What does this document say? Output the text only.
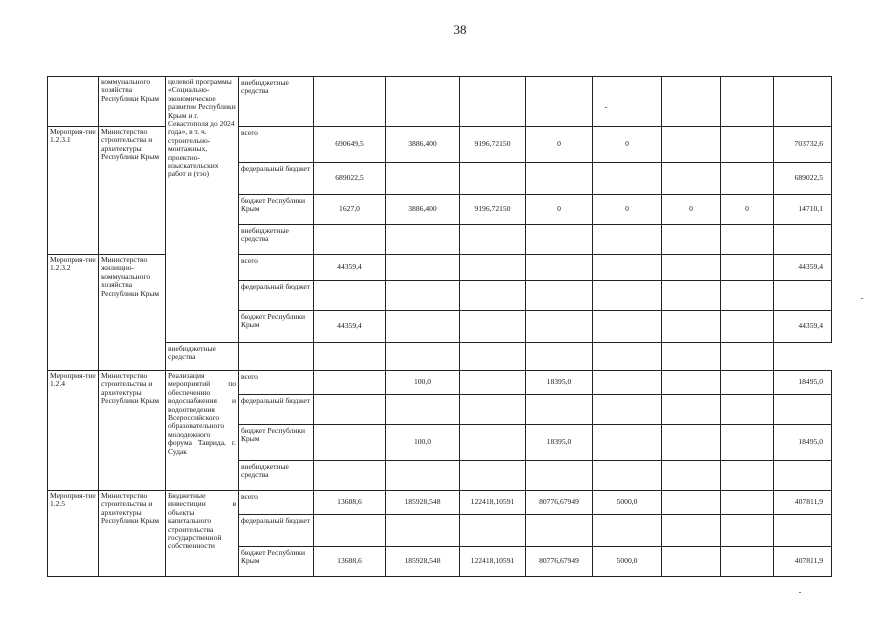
38
	коммунального хозяйства Республики Крым	целевой программы «Социально-экономическое развитие Республики Крым и г. Севастополя до 2024 года», в т. ч. строительно-монтажных, проектно-изыскательских работ и (тэо)	внебюджетные средства								
Мероприя-тие 1.2.3.1	Министерство строительства и архитектуры Республики Крым		всего	690649,5	3886,400	9196,72150	0	0			703732,6
			федеральный бюджет	689022,5							689022,5
			бюджет Республики Крым	1627,0	3886,400	9196,72150	0	0	0	0	14710,1
			внебюджетные средства								
Мероприя-тие 1.2.3.2	Министерство жилищно-коммунального хозяйства Республики Крым		всего	44359,4							44359,4
			федеральный бюджет								
			бюджет Республики Крым	44359,4							44359,4
		внебюджетные средства									
Мероприя-тие 1.2.4	Министерство строительства и архитектуры Республики Крым	Реализация мероприятий по обеспечению водоснабжения и водоотведения Всероссийского образовательного молодежного форума Таврида, г. Судак	всего		100,0		18395,0				18495,0
			федеральный бюджет								
			бюджет Республики Крым		100,0		18395,0				18495,0
			внебюджетные средства								
Мероприя-тие 1.2.5	Министерство строительства и архитектуры Республики Крым	Бюджетные инвестиции в объекты капитального строительства государственной собственности	всего	13688,6	185928,548	122418,10591	80776,67949	5000,0			407811,9
			федеральный бюджет								
			бюджет Республики Крым	13688,6	185928,548	122418,10591	80776,67949	5000,0			407811,9
